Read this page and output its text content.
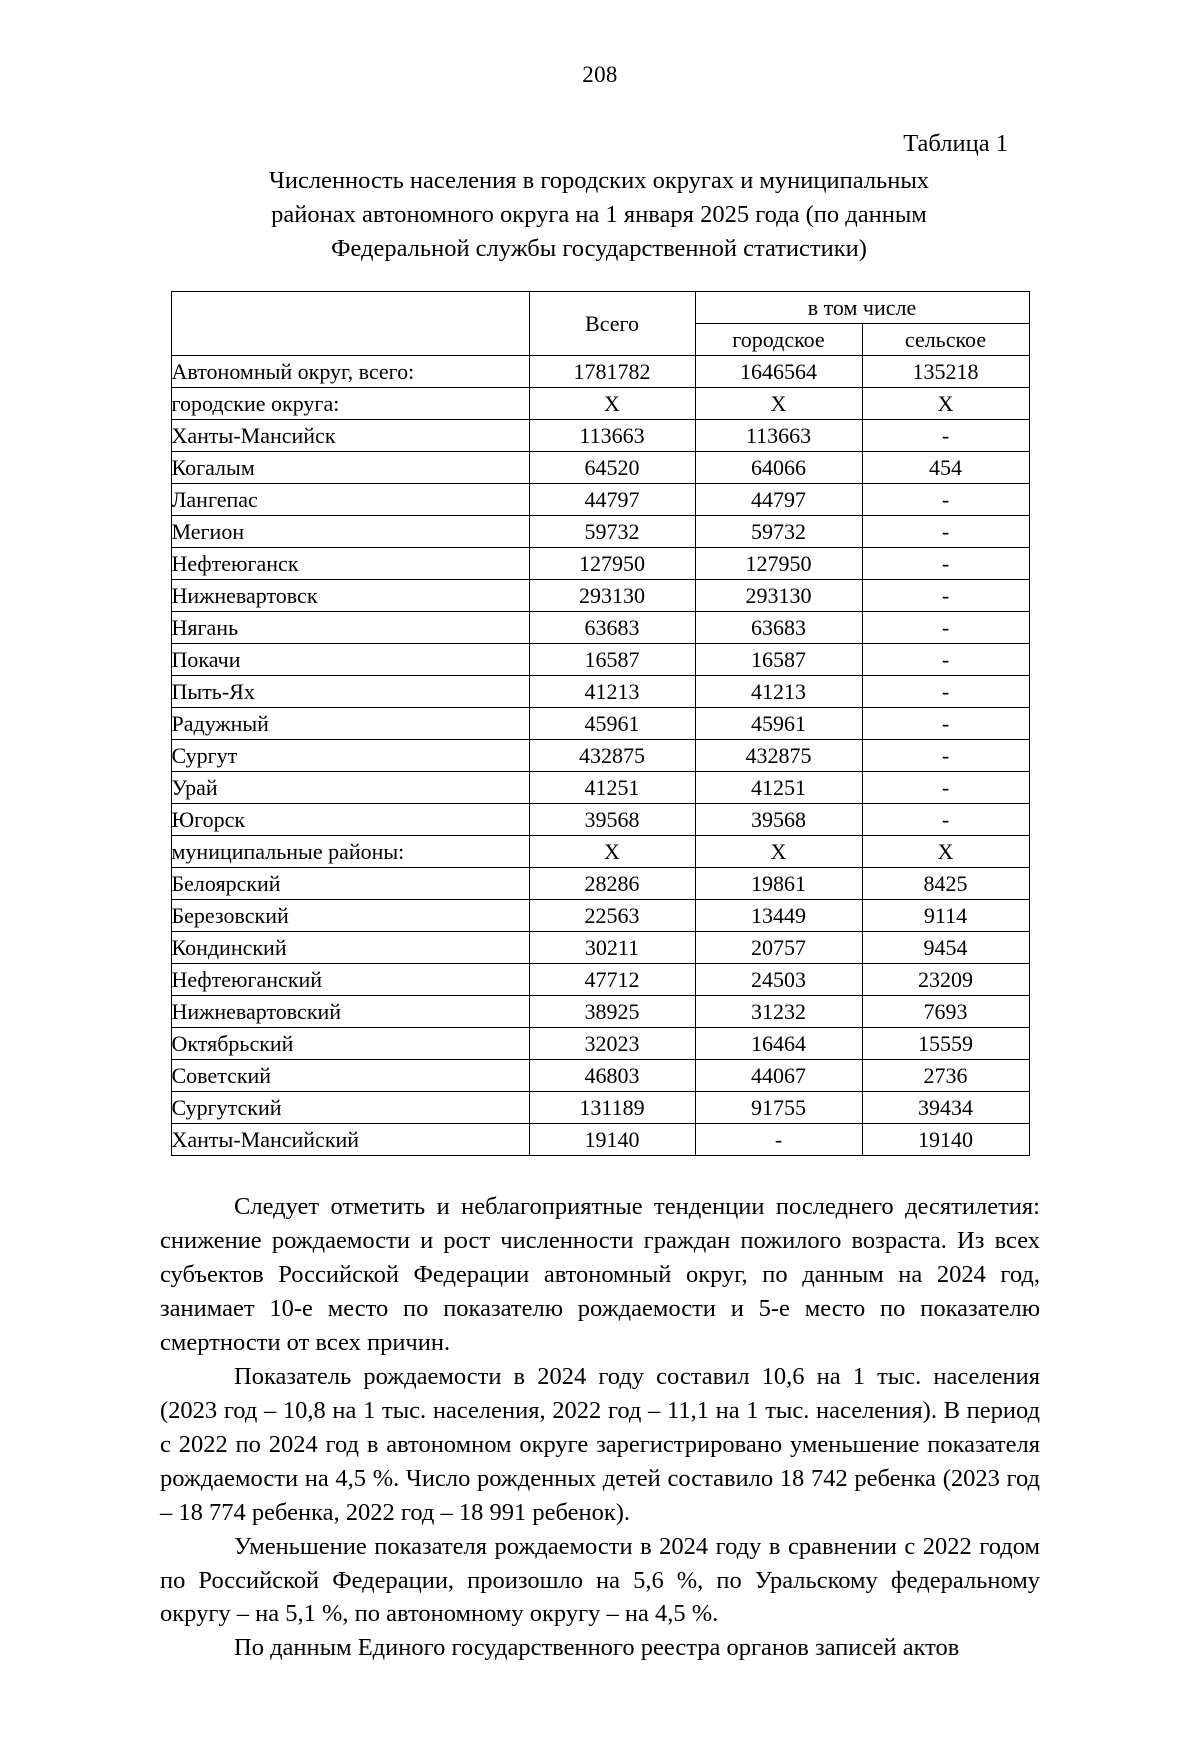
208
Таблица 1
Численность населения в городских округах и муниципальных
районах автономного округа на 1 января 2025 года (по данным
Федеральной службы государственной статистики)
	Всего	в том числе	
		городское	сельское
Автономный округ, всего:	1781782	1646564	135218
городские округа:	X	X	X
Ханты-Мансийск	113663	113663	-
Когалым	64520	64066	454
Лангепас	44797	44797	-
Мегион	59732	59732	-
Нефтеюганск	127950	127950	-
Нижневартовск	293130	293130	-
Нягань	63683	63683	-
Покачи	16587	16587	-
Пыть-Ях	41213	41213	-
Радужный	45961	45961	-
Сургут	432875	432875	-
Урай	41251	41251	-
Югорск	39568	39568	-
муниципальные районы:	X	X	X
Белоярский	28286	19861	8425
Березовский	22563	13449	9114
Кондинский	30211	20757	9454
Нефтеюганский	47712	24503	23209
Нижневартовский	38925	31232	7693
Октябрьский	32023	16464	15559
Советский	46803	44067	2736
Сургутский	131189	91755	39434
Ханты-Мансийский	19140	-	19140

Следует отметить и неблагоприятные тенденции последнего десятилетия: снижение рождаемости и рост численности граждан пожилого возраста. Из всех субъектов Российской Федерации автономный округ, по данным на 2024 год, занимает 10-е место по показателю рождаемости и 5-е место по показателю смертности от всех причин.

Показатель рождаемости в 2024 году составил 10,6 на 1 тыс. населения (2023 год – 10,8 на 1 тыс. населения, 2022 год – 11,1 на 1 тыс. населения). В период с 2022 по 2024 год в автономном округе зарегистрировано уменьшение показателя рождаемости на 4,5 %. Число рожденных детей составило 18 742 ребенка (2023 год – 18 774 ребенка, 2022 год – 18 991 ребенок).

Уменьшение показателя рождаемости в 2024 году в сравнении с 2022 годом по Российской Федерации, произошло на 5,6 %, по Уральскому федеральному округу – на 5,1 %, по автономному округу – на 4,5 %.

По данным Единого государственного реестра органов записей актов
